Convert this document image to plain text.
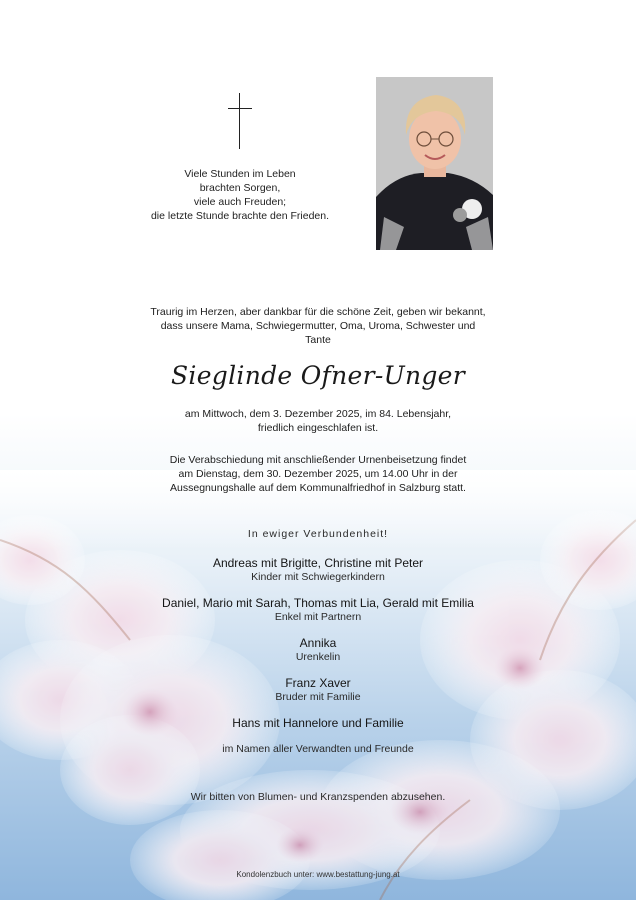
Viele Stunden im Leben
brachten Sorgen,
viele auch Freuden;
die letzte Stunde brachte den Frieden.
Traurig im Herzen, aber dankbar für die schöne Zeit, geben wir bekannt,
dass unsere Mama, Schwiegermutter, Oma, Uroma, Schwester und
Tante
Sieglinde Ofner-Unger
am Mittwoch, dem 3. Dezember 2025, im 84. Lebensjahr,
friedlich eingeschlafen ist.
Die Verabschiedung mit anschließender Urnenbeisetzung findet
am Dienstag, dem 30. Dezember 2025, um 14.00 Uhr in der
Aussegnungshalle auf dem Kommunalfriedhof in Salzburg statt.
In ewiger Verbundenheit!
Andreas mit Brigitte, Christine mit Peter
Kinder mit Schwiegerkindern
Daniel, Mario mit Sarah, Thomas mit Lia, Gerald mit Emilia
Enkel mit Partnern
Annika
Urenkelin
Franz Xaver
Bruder mit Familie
Hans mit Hannelore und Familie
im Namen aller Verwandten und Freunde
Wir bitten von Blumen- und Kranzspenden abzusehen.
Kondolenzbuch unter: www.bestattung-jung.at
